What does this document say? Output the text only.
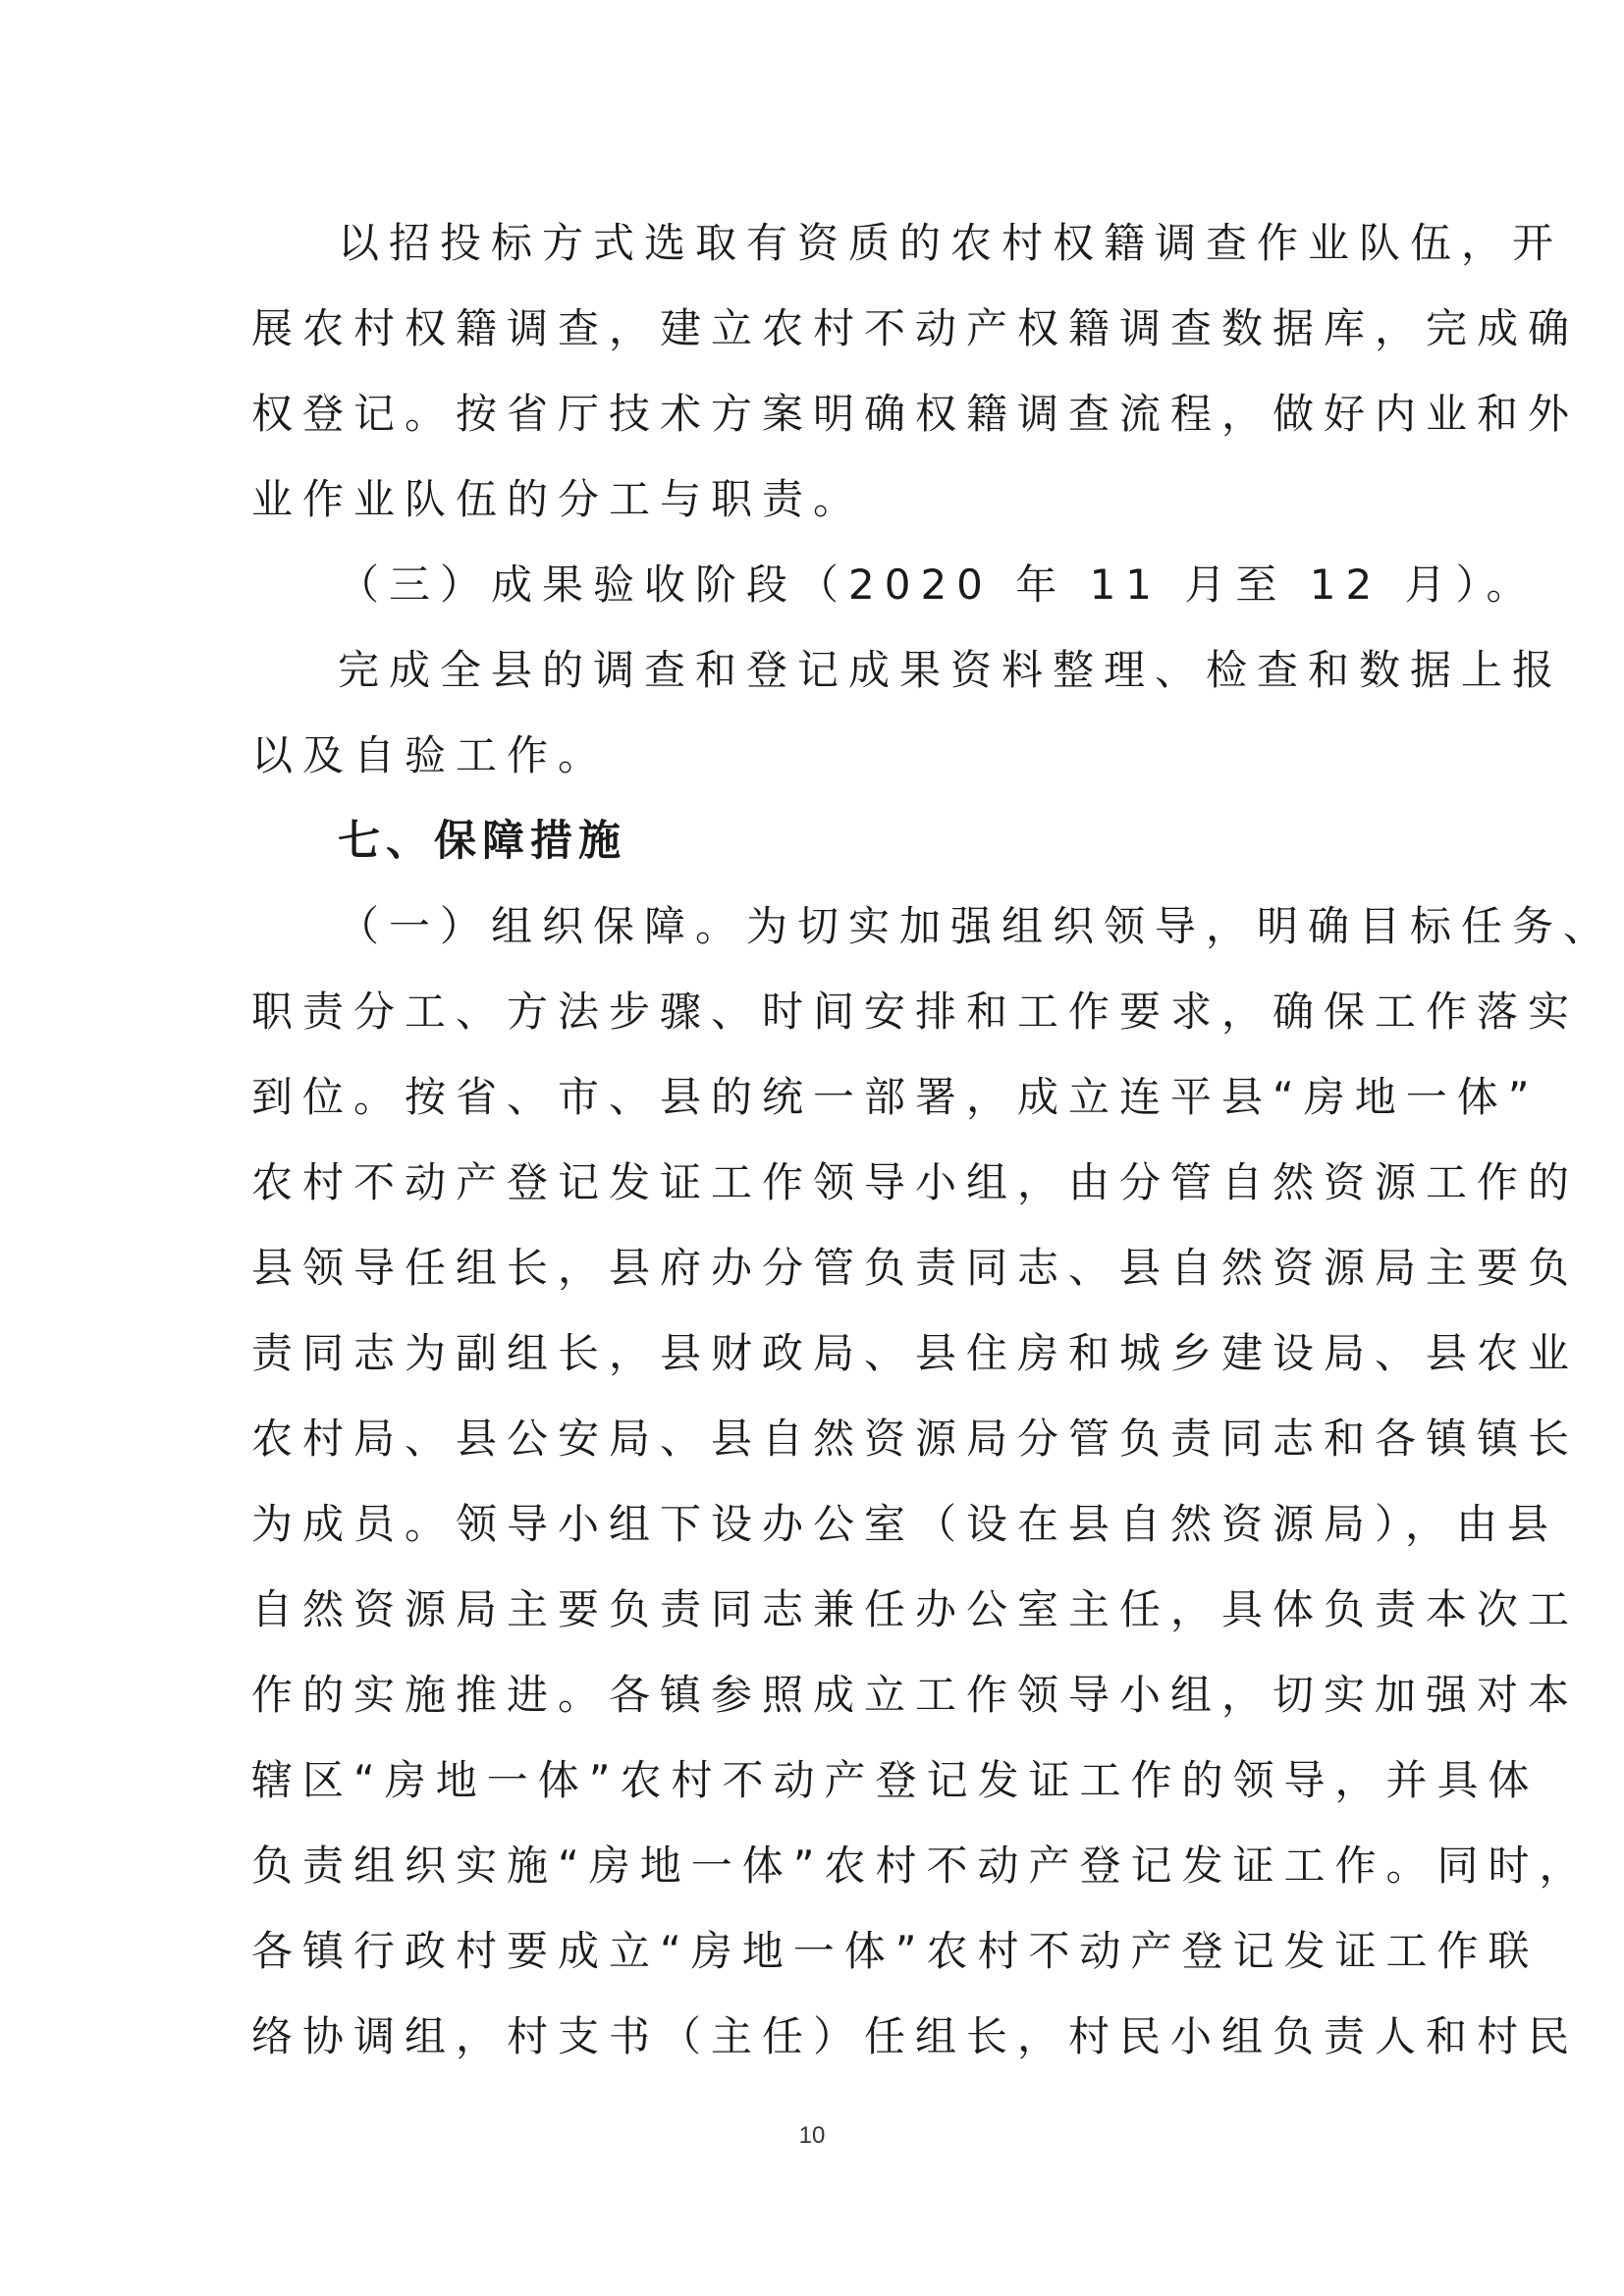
以招投标方式选取有资质的农村权籍调查作业队伍，开
展农村权籍调查，建立农村不动产权籍调查数据库，完成确
权登记。按省厅技术方案明确权籍调查流程，做好内业和外
业作业队伍的分工与职责。
（三）成果验收阶段（2020 年 11 月至 12 月）。
完成全县的调查和登记成果资料整理、检查和数据上报
以及自验工作。
七、保障措施
（一）组织保障。为切实加强组织领导，明确目标任务、
职责分工、方法步骤、时间安排和工作要求，确保工作落实
到位。按省、市、县的统一部署，成立连平县“房地一体”
农村不动产登记发证工作领导小组，由分管自然资源工作的
县领导任组长，县府办分管负责同志、县自然资源局主要负
责同志为副组长，县财政局、县住房和城乡建设局、县农业
农村局、县公安局、县自然资源局分管负责同志和各镇镇长
为成员。领导小组下设办公室（设在县自然资源局），由县
自然资源局主要负责同志兼任办公室主任，具体负责本次工
作的实施推进。各镇参照成立工作领导小组，切实加强对本
辖区“房地一体”农村不动产登记发证工作的领导，并具体
负责组织实施“房地一体”农村不动产登记发证工作。同时，
各镇行政村要成立“房地一体”农村不动产登记发证工作联
络协调组，村支书（主任）任组长，村民小组负责人和村民
10
